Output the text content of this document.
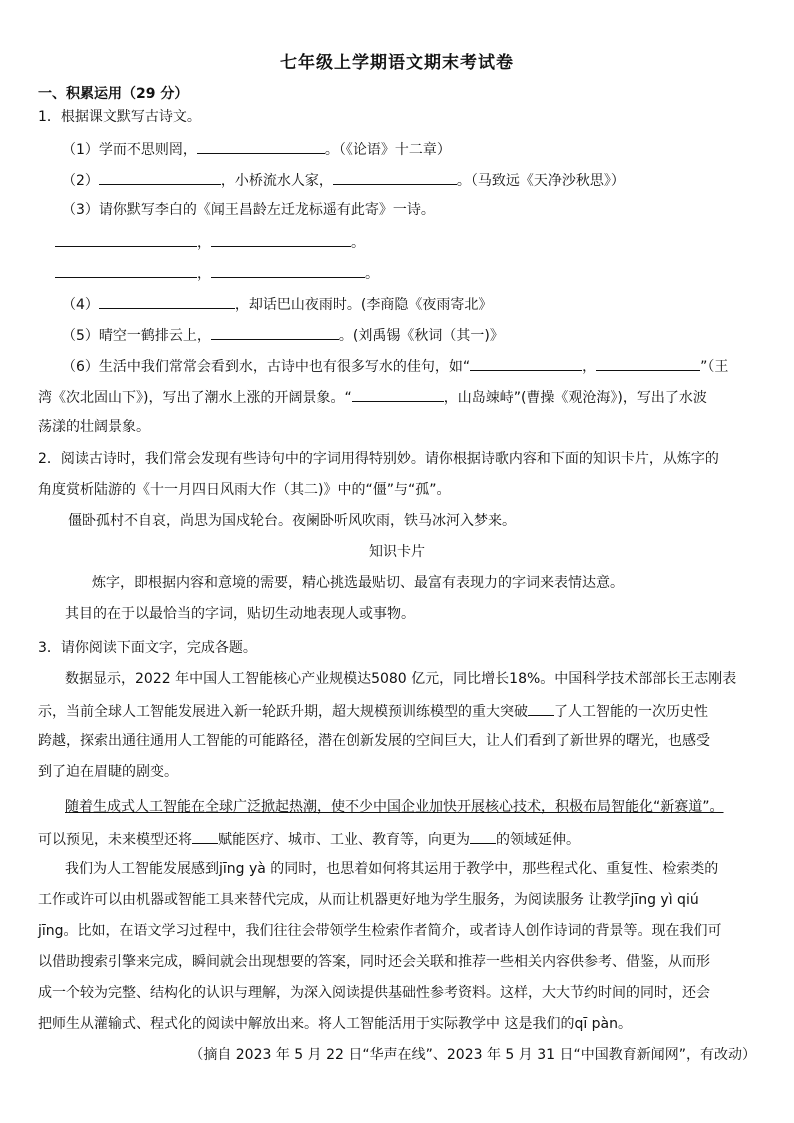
七年级上学期语文期末考试卷
一、积累运用（29 分）
1．根据课文默写古诗文。
（1）学而不思则罔，	。（《论语》十二章）
（2）	，小桥流水人家，	。（马致远《天净沙秋思》）
（3）请你默写李白的《闻王昌龄左迁龙标遥有此寄》一诗。
，	。
，	。
（4）	，却话巴山夜雨时。(李商隐《夜雨寄北》
（5）晴空一鹤排云上，	。(刘禹锡《秋词（其一)》
（6）生活中我们常常会看到水，古诗中也有很多写水的佳句，如“	，	”（王
湾《次北固山下》)，写出了潮水上涨的开阔景象。“	，山岛竦峙”(曹操《观沧海》)，写出了水波
荡漾的壮阔景象。
2．阅读古诗时，我们常会发现有些诗句中的字词用得特别妙。请你根据诗歌内容和下面的知识卡片，从炼字的
角度赏析陆游的《十一月四日风雨大作（其二)》中的“僵”与“孤”。
僵卧孤村不自哀，尚思为国戍轮台。夜阑卧听风吹雨，铁马冰河入梦来。
知识卡片
炼字，即根据内容和意境的需要，精心挑选最贴切、最富有表现力的字词来表情达意。
其目的在于以最恰当的字词，贴切生动地表现人或事物。
3．请你阅读下面文字，完成各题。
数据显示，2022 年中国人工智能核心产业规模达5080 亿元，同比增长18%。中国科学技术部部长王志刚表
示，当前全球人工智能发展进入新一轮跃升期，超大规模预训练模型的重大突破 了人工智能的一次历史性
跨越，探索出通往通用人工智能的可能路径，潜在创新发展的空间巨大，让人们看到了新世界的曙光，也感受
到了迫在眉睫的剧变。
随着生成式人工智能在全球广泛掀起热潮，使不少中国企业加快开展核心技术，积极布局智能化“新赛道”。
可以预见，未来模型还将 赋能医疗、城市、工业、教育等，向更为 的领域延伸。
我们为人工智能发展感到jīng yà 的同时，也思着如何将其运用于教学中，那些程式化、重复性、检索类的
工作或许可以由机器或智能工具来替代完成，从而让机器更好地为学生服务，为阅读服务 让教学jīng yì qiú
jīng。比如，在语文学习过程中，我们往往会带领学生检索作者简介，或者诗人创作诗词的背景等。现在我们可
以借助搜索引擎来完成，瞬间就会出现想要的答案，同时还会关联和推荐一些相关内容供参考、借鉴，从而形
成一个较为完整、结构化的认识与理解，为深入阅读提供基础性参考资料。这样，大大节约时间的同时，还会
把师生从灌输式、程式化的阅读中解放出来。将人工智能活用于实际教学中 这是我们的qī pàn。
（摘自 2023 年 5 月 22 日“华声在线”、2023 年 5 月 31 日“中国教育新闻网”，有改动）
